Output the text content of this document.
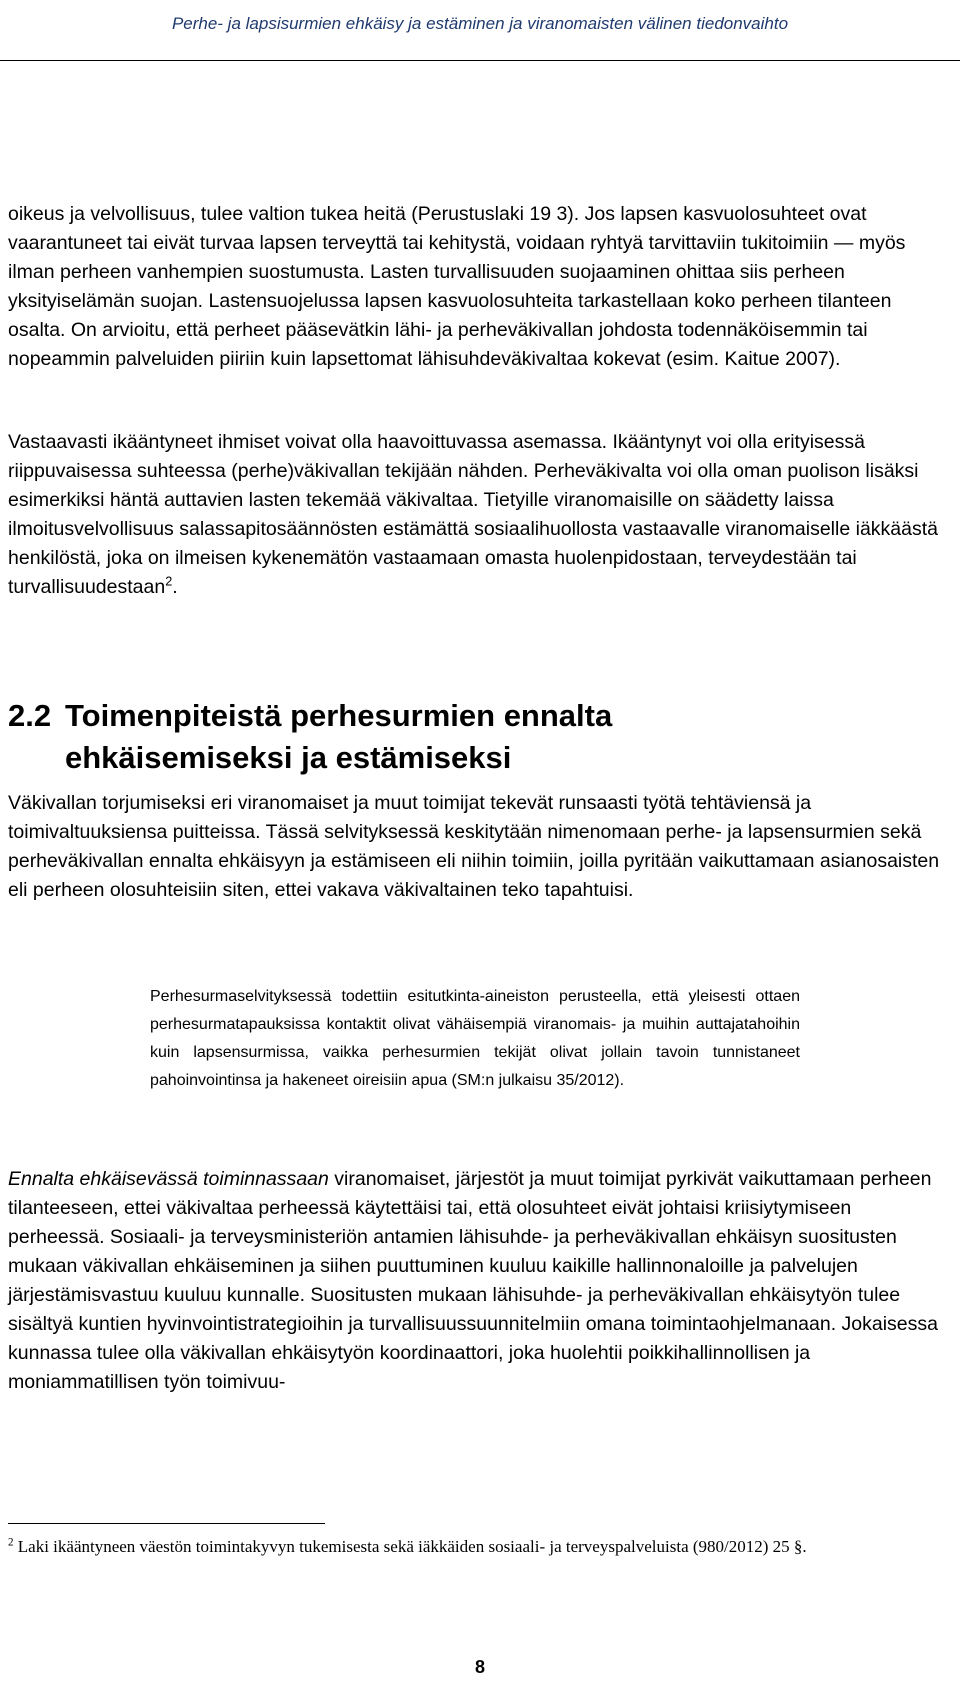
Perhe- ja lapsisurmien ehkäisy ja estäminen ja viranomaisten välinen tiedonvaihto
oikeus ja velvollisuus, tulee valtion tukea heitä (Perustuslaki 19 3). Jos lapsen kasvuolosuhteet ovat vaarantuneet tai eivät turvaa lapsen terveyttä tai kehitystä, voidaan ryhtyä tarvittaviin tukitoimiin — myös ilman perheen vanhempien suostumusta. Lasten turvallisuuden suojaaminen ohittaa siis perheen yksityiselämän suojan. Lastensuojelussa lapsen kasvuolosuhteita tarkastellaan koko perheen tilanteen osalta. On arvioitu, että perheet pääsevätkin lähi- ja perheväkivallan johdosta todennäköisemmin tai nopeammin palveluiden piiriin kuin lapsettomat lähisuhdeväkivaltaa kokevat (esim. Kaitue 2007).
Vastaavasti ikääntyneet ihmiset voivat olla haavoittuvassa asemassa. Ikääntynyt voi olla erityisessä riippuvaisessa suhteessa (perhe)väkivallan tekijään nähden. Perheväkivalta voi olla oman puolison lisäksi esimerkiksi häntä auttavien lasten tekemää väkivaltaa. Tietyille viranomaisille on säädetty laissa ilmoitusvelvollisuus salassapitosäännösten estämättä sosiaalihuollosta vastaavalle viranomaiselle iäkkäästä henkilöstä, joka on ilmeisen kykenemätön vastaamaan omasta huolenpidostaan, terveydestään tai turvallisuudestaan$^2$.
2.2 Toimenpiteistä perhesurmien ennalta
ehkäisemiseksi ja estämiseksi
Väkivallan torjumiseksi eri viranomaiset ja muut toimijat tekevät runsaasti työtä tehtäviensä ja toimivaltuuksiensa puitteissa. Tässä selvityksessä keskitytään nimenomaan perhe- ja lapsensurmien sekä perheväkivallan ennalta ehkäisyyn ja estämiseen eli niihin toimiin, joilla pyritään vaikuttamaan asianosaisten eli perheen olosuhteisiin siten, ettei vakava väkivaltainen teko tapahtuisi.
Perhesurmaselvityksessä todettiin esitutkinta-aineiston perusteella, että yleisesti ottaen perhesurmatapauksissa kontaktit olivat vähäisempiä viranomais- ja muihin auttajatahoihin kuin lapsensurmissa, vaikka perhesurmien tekijät olivat jollain tavoin tunnistaneet pahoinvointinsa ja hakeneet oireisiin apua (SM:n julkaisu 35/2012).
Ennalta ehkäisevässä toiminnassaan viranomaiset, järjestöt ja muut toimijat pyrkivät vaikuttamaan perheen tilanteeseen, ettei väkivaltaa perheessä käytettäisi tai, että olosuhteet eivät johtaisi kriisiytymiseen perheessä. Sosiaali- ja terveysministeriön antamien lähisuhde- ja perheväkivallan ehkäisyn suositusten mukaan väkivallan ehkäiseminen ja siihen puuttuminen kuuluu kaikille hallinnonaloille ja palvelujen järjestämisvastuu kuuluu kunnalle. Suositusten mukaan lähisuhde- ja perheväkivallan ehkäisytyön tulee sisältyä kuntien hyvinvointistrategioihin ja turvallisuussuunnitelmiin omana toimintaohjelmanaan. Jokaisessa kunnassa tulee olla väkivallan ehkäisytyön koordinaattori, joka huolehtii poikkihallinnollisen ja moniammatillisen työn toimivuu-
$^2$ Laki ikääntyneen väestön toimintakyvyn tukemisesta sekä iäkkäiden sosiaali- ja terveyspalveluista (980/2012) 25 §.
8
